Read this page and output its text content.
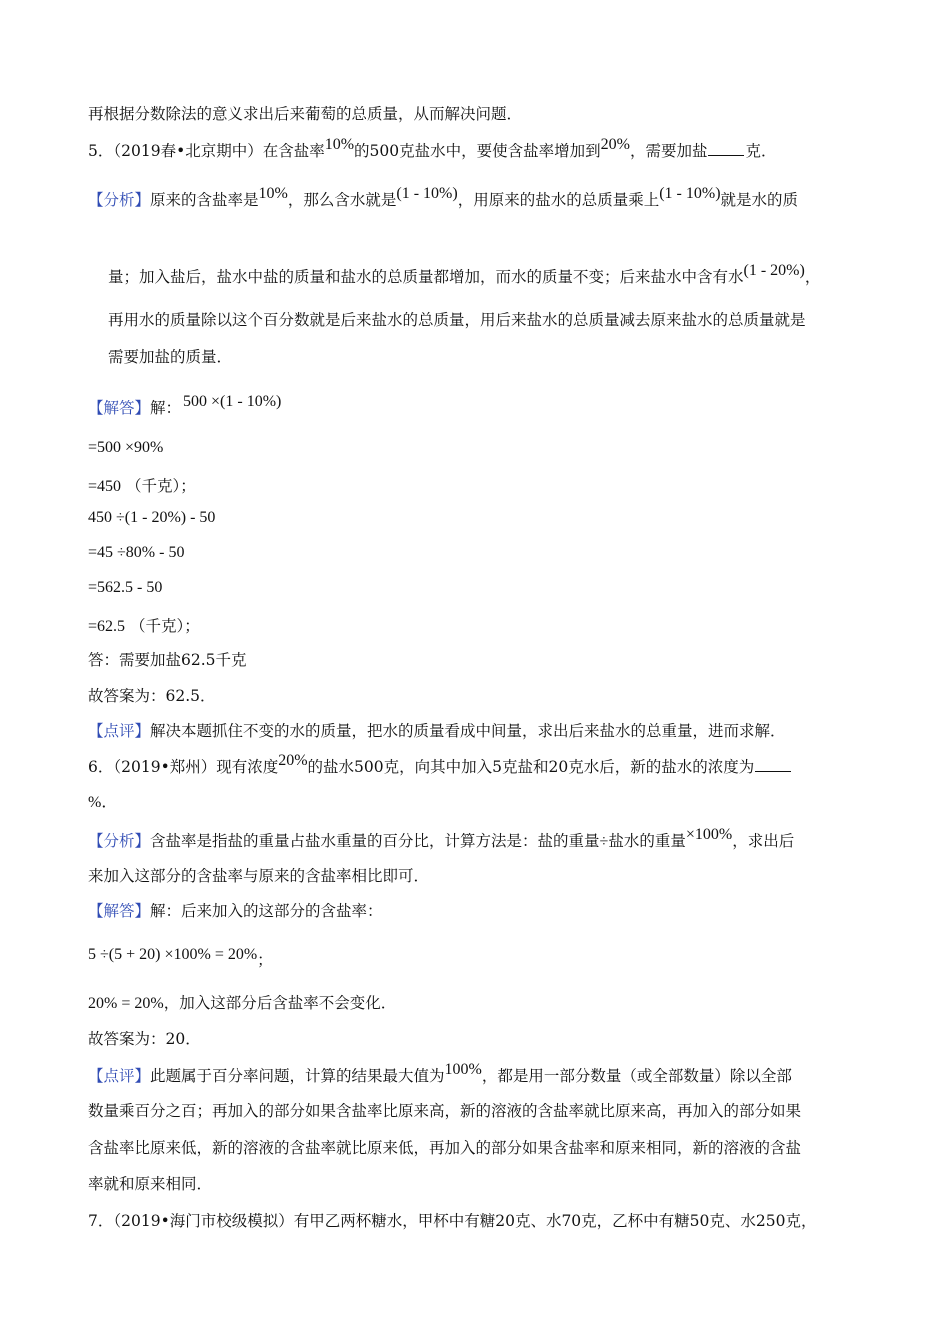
再根据分数除法的意义求出后来葡萄的总质量，从而解决问题．
5．（2019春•北京期中）在含盐率10%的500克盐水中，要使含盐率增加到20%，需要加盐 克．
【分析】原来的含盐率是10%，那么含水就是(1 - 10%)，用原来的盐水的总质量乘上(1 - 10%)就是水的质
量；加入盐后，盐水中盐的质量和盐水的总质量都增加，而水的质量不变；后来盐水中含有水(1 - 20%)，
再用水的质量除以这个百分数就是后来盐水的总质量，用后来盐水的总质量减去原来盐水的总质量就是
需要加盐的质量．
【解答】解： 500 ×(1 - 10%)
=500 ×90%
=450 （千克）；
450 ÷(1 - 20%) - 50
=45 ÷80% - 50
=562.5 - 50
=62.5 （千克）；
答：需要加盐62.5千克
故答案为：62.5．
【点评】解决本题抓住不变的水的质量，把水的质量看成中间量，求出后来盐水的总重量，进而求解．
6．（2019•郑州）现有浓度20%的盐水500克，向其中加入5克盐和20克水后，新的盐水的浓度为
%．
【分析】含盐率是指盐的重量占盐水重量的百分比，计算方法是：盐的重量÷盐水的重量×100%，求出后
来加入这部分的含盐率与原来的含盐率相比即可．
【解答】解：后来加入的这部分的含盐率：
5 ÷(5 + 20) ×100% = 20%；
20% = 20%，加入这部分后含盐率不会变化．
故答案为：20．
【点评】此题属于百分率问题，计算的结果最大值为100%，都是用一部分数量（或全部数量）除以全部
数量乘百分之百；再加入的部分如果含盐率比原来高，新的溶液的含盐率就比原来高，再加入的部分如果
含盐率比原来低，新的溶液的含盐率就比原来低，再加入的部分如果含盐率和原来相同，新的溶液的含盐
率就和原来相同．
7．（2019•海门市校级模拟）有甲乙两杯糖水，甲杯中有糖20克、水70克，乙杯中有糖50克、水250克，
